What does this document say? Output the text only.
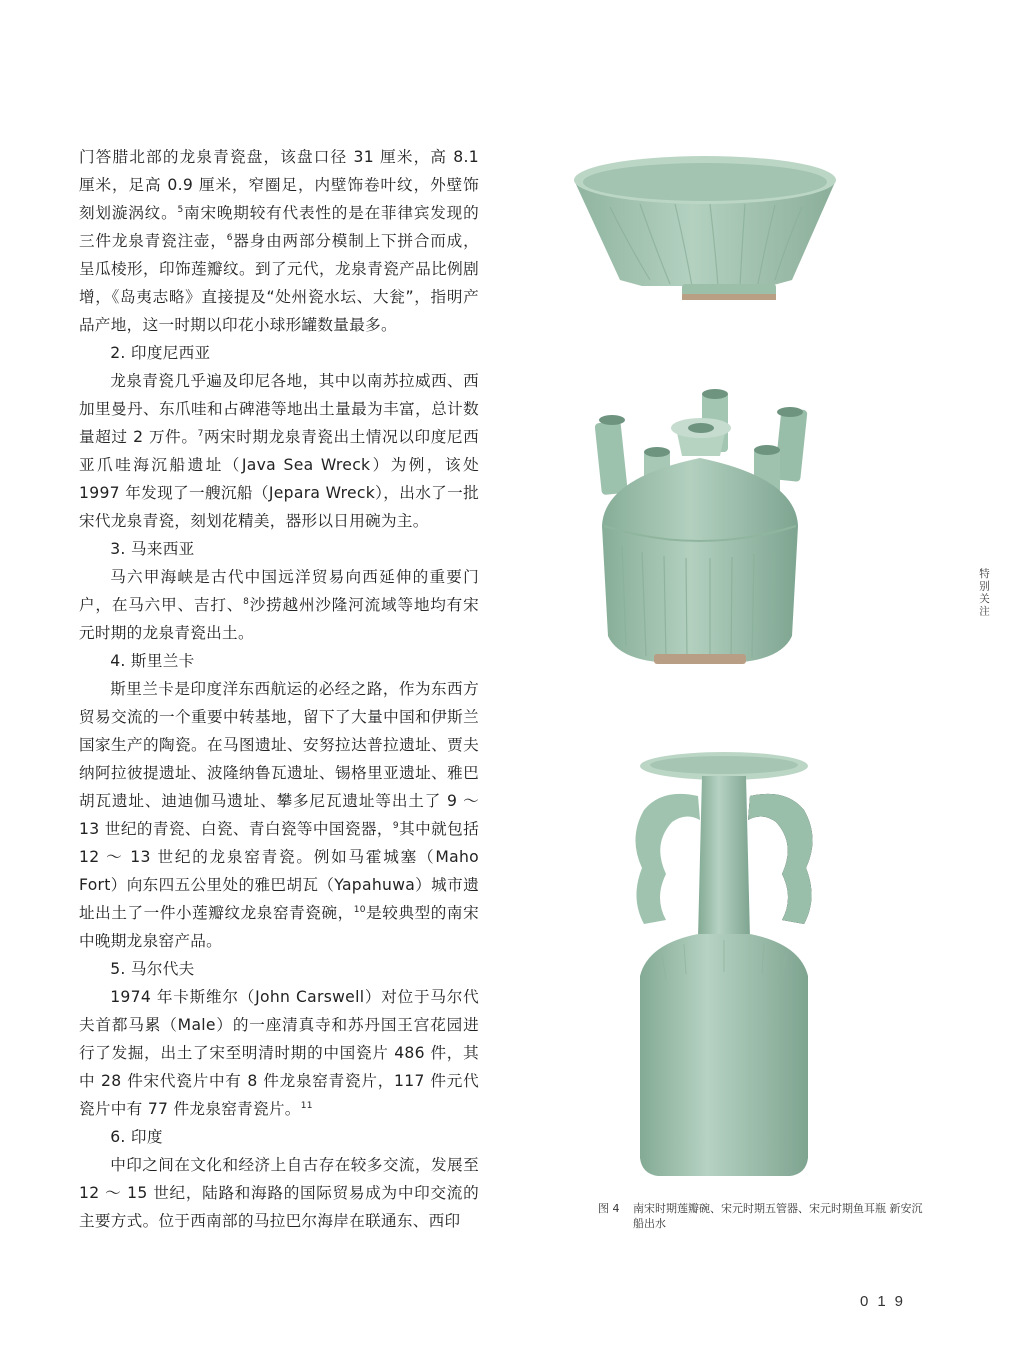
门答腊北部的龙泉青瓷盘，该盘口径 31 厘米，高 8.1 厘米，足高 0.9 厘米，窄圈足，内壁饰卷叶纹，外壁饰刻划漩涡纹。$^5$南宋晚期较有代表性的是在菲律宾发现的三件龙泉青瓷注壶，$^6$器身由两部分模制上下拼合而成，呈瓜棱形，印饰莲瓣纹。到了元代，龙泉青瓷产品比例剧增，《岛夷志略》直接提及“处州瓷水坛、大瓮”，指明产品产地，这一时期以印花小球形罐数量最多。

2. 印度尼西亚

龙泉青瓷几乎遍及印尼各地，其中以南苏拉威西、西加里曼丹、东爪哇和占碑港等地出土量最为丰富，总计数量超过 2 万件。$^7$两宋时期龙泉青瓷出土情况以印度尼西亚爪哇海沉船遗址（Java Sea Wreck）为例，该处 1997 年发现了一艘沉船（Jepara Wreck），出水了一批宋代龙泉青瓷，刻划花精美，器形以日用碗为主。

3. 马来西亚

马六甲海峡是古代中国远洋贸易向西延伸的重要门户，在马六甲、吉打、$^8$沙捞越州沙隆河流域等地均有宋元时期的龙泉青瓷出土。

4. 斯里兰卡

斯里兰卡是印度洋东西航运的必经之路，作为东西方贸易交流的一个重要中转基地，留下了大量中国和伊斯兰国家生产的陶瓷。在马图遗址、安努拉达普拉遗址、贾夫纳阿拉彼提遗址、波隆纳鲁瓦遗址、锡格里亚遗址、雅巴胡瓦遗址、迪迪伽马遗址、攀多尼瓦遗址等出土了 9 ～ 13 世纪的青瓷、白瓷、青白瓷等中国瓷器，$^9$其中就包括 12 ～ 13 世纪的龙泉窑青瓷。例如马霍城塞（Maho Fort）向东四五公里处的雅巴胡瓦（Yapahuwa）城市遗址出土了一件小莲瓣纹龙泉窑青瓷碗，$^{10}$是较典型的南宋中晚期龙泉窑产品。

5. 马尔代夫

1974 年卡斯维尔（John Carswell）对位于马尔代夫首都马累（Male）的一座清真寺和苏丹国王宫花园进行了发掘，出土了宋至明清时期的中国瓷片 486 件，其中 28 件宋代瓷片中有 8 件龙泉窑青瓷片，117 件元代瓷片中有 77 件龙泉窑青瓷片。$^{11}$

6. 印度

中印之间在文化和经济上自古存在较多交流，发展至 12 ～ 15 世纪，陆路和海路的国际贸易成为中印交流的主要方式。位于西南部的马拉巴尔海岸在联通东、西印

特别关注
图 4 南宋时期莲瓣碗、宋元时期五管器、宋元时期鱼耳瓶 新安沉船出水
019
